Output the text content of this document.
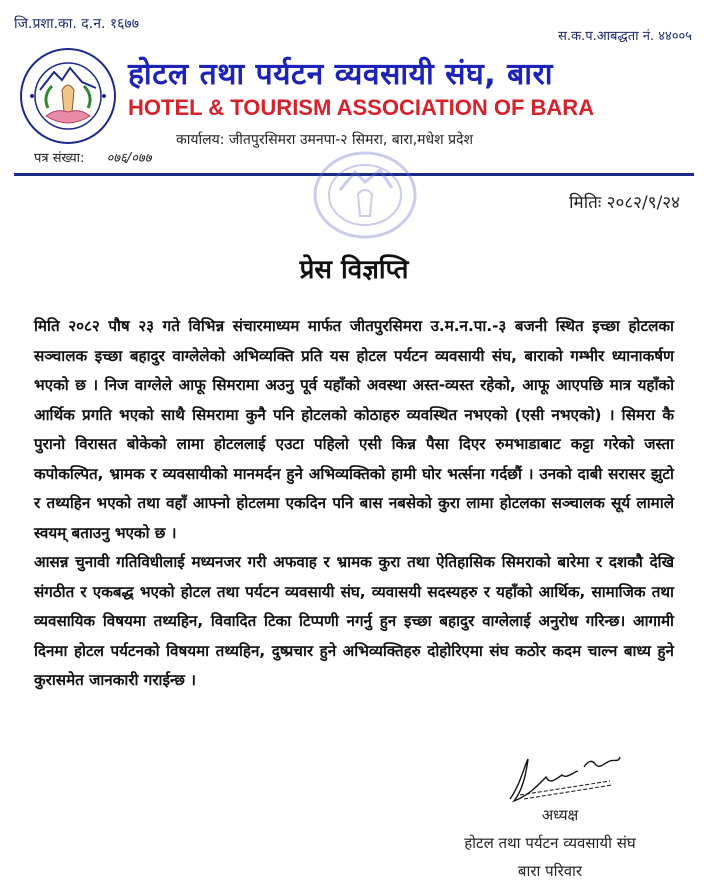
जि.प्रशा.का. द.न. १६७७
स.क.प.आबद्धता नं. ४४००५
होटल तथा पर्यटन व्यवसायी संघ, बारा
HOTEL & TOURISM ASSOCIATION OF BARA
कार्यालय: जीतपुरसिमरा उमनपा-२ सिमरा, बारा,मधेश प्रदेश
पत्र संख्या: ०७६/०७७
मितिः २०८२/९/२४
प्रेस विज्ञप्ति

मिति २०८२ पौष २३ गते विभिन्न संचारमाध्यम मार्फत जीतपुरसिमरा उ.म.न.पा.-३ बजनी स्थित इच्छा होटलका सञ्चालक इच्छा बहादुर वाग्लेलेको अभिव्यक्ति प्रति यस होटल पर्यटन व्यवसायी संघ, बाराको गम्भीर ध्यानाकर्षण भएको छ । निज वाग्लेले आफू सिमरामा अउनु पूर्व यहाँको अवस्था अस्त-व्यस्त रहेको, आफू आएपछि मात्र यहाँको आर्थिक प्रगति भएको साथै सिमरामा कुनै पनि होटलको कोठाहरु व्यवस्थित नभएको (एसी नभएको) । सिमरा कै पुरानो विरासत बोकेको लामा होटललाई एउटा पहिलो एसी किन्न पैसा दिएर रुमभाडाबाट कट्टा गरेको जस्ता कपोकल्पित, भ्रामक र व्यवसायीको मानमर्दन हुने अभिव्यक्तिको हामी घोर भर्त्सना गर्दछौं । उनको दाबी सरासर झुटो र तथ्यहिन भएको तथा वहाँ आफ्नो होटलमा एकदिन पनि बास नबसेको कुरा लामा होटलका सञ्चालक सूर्य लामाले स्वयम् बताउनु भएको छ ।

आसन्न चुनावी गतिविधीलाई मध्यनजर गरी अफवाह र भ्रामक कुरा तथा ऐतिहासिक सिमराको बारेमा र दशकौ देखि संगठीत र एकबद्ध भएको होटल तथा पर्यटन व्यवसायी संघ, व्यवासयी सदस्यहरु र यहाँको आर्थिक, सामाजिक तथा व्यवसायिक विषयमा तथ्यहिन, विवादित टिका टिप्पणी नगर्नु हुन इच्छा बहादुर वाग्लेलाई अनुरोध गरिन्छ। आगामी दिनमा होटल पर्यटनको विषयमा तथ्यहिन, दुष्प्रचार हुने अभिव्यक्तिहरु दोहोरिएमा संघ कठोर कदम चाल्न बाध्य हुने कुरासमेत जानकारी गराईन्छ ।

अध्यक्ष
होटल तथा पर्यटन व्यवसायी संघ
बारा परिवार
